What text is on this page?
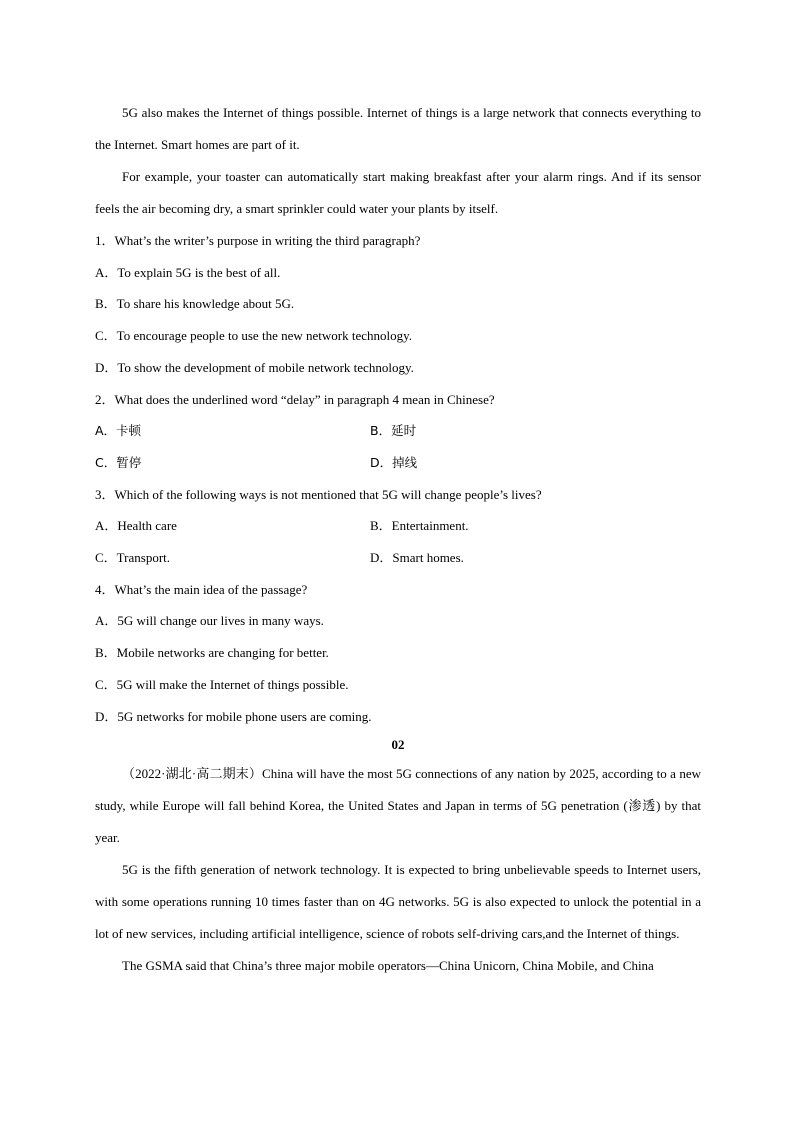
5G also makes the Internet of things possible. Internet of things is a large network that connects everything to the Internet. Smart homes are part of it.

For example, your toaster can automatically start making breakfast after your alarm rings. And if its sensor feels the air becoming dry, a smart sprinkler could water your plants by itself.

1．What’s the writer’s purpose in writing the third paragraph?

A．To explain 5G is the best of all.

B．To share his knowledge about 5G.

C．To encourage people to use the new network technology.

D．To show the development of mobile network technology.

2．What does the underlined word “delay” in paragraph 4 mean in Chinese?

A．卡顿	B．延时
C．暂停	D．掉线

3．Which of the following ways is not mentioned that 5G will change people’s lives?

A．Health care	B．Entertainment.
C．Transport.	D．Smart homes.

4．What’s the main idea of the passage?

A．5G will change our lives in many ways.

B．Mobile networks are changing for better.

C．5G will make the Internet of things possible.

D．5G networks for mobile phone users are coming.

02

（2022·湖北·高二期末）China will have the most 5G connections of any nation by 2025, according to a new study, while Europe will fall behind Korea, the United States and Japan in terms of 5G penetration (渗透) by that year.

5G is the fifth generation of network technology. It is expected to bring unbelievable speeds to Internet users, with some operations running 10 times faster than on 4G networks. 5G is also expected to unlock the potential in a lot of new services, including artificial intelligence, science of robots self-driving cars,and the Internet of things.

The GSMA said that China’s three major mobile operators—China Unicorn, China Mobile, and China
